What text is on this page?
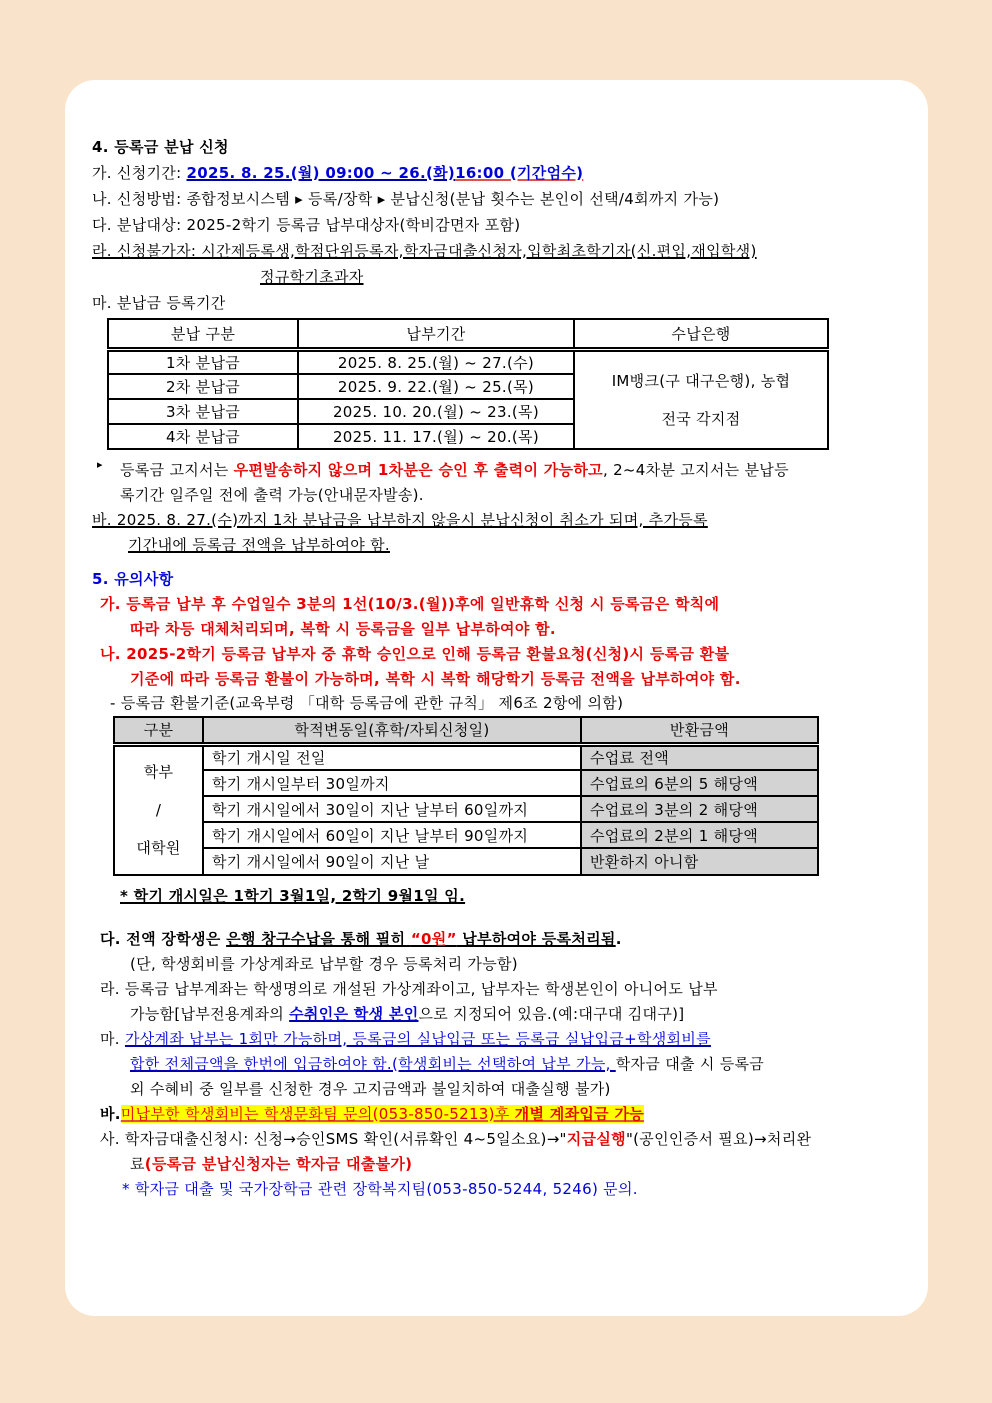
4. 등록금 분납 신청
가. 신청기간: 2025. 8. 25.(월) 09:00 ~ 26.(화)16:00 (기간엄수)
나. 신청방법: 종합정보시스템 ▸ 등록/장학 ▸ 분납신청(분납 횟수는 본인이 선택/4회까지 가능)
다. 분납대상: 2025-2학기 등록금 납부대상자(학비감면자 포함)
라. 신청불가자: 시간제등록생,학점단위등록자,학자금대출신청자,입학최초학기자(신.편입,재입학생)
정규학기초과자
마. 분납금 등록기간
분납 구분	납부기간	수납은행
1차 분납금	2025. 8. 25.(월) ~ 27.(수)	IM뱅크(구 대구은행), 농협
전국 각지점

2차 분납금	2025. 9. 22.(월) ~ 25.(목)	
3차 분납금	2025. 10. 20.(월) ~ 23.(목)	
4차 분납금	2025. 11. 17.(월) ~ 20.(목)	
▸ 등록금 고지서는 우편발송하지 않으며 1차분은 승인 후 출력이 가능하고, 2~4차분 고지서는 분납등
록기간 일주일 전에 출력 가능(안내문자발송).
바. 2025. 8. 27.(수)까지 1차 분납금을 납부하지 않을시 분납신청이 취소가 되며, 추가등록
기간내에 등록금 전액을 납부하여야 함.
5. 유의사항
가. 등록금 납부 후 수업일수 3분의 1선(10/3.(월))후에 일반휴학 신청 시 등록금은 학칙에
따라 차등 대체처리되며, 복학 시 등록금을 일부 납부하여야 함.
나. 2025-2학기 등록금 납부자 중 휴학 승인으로 인해 등록금 환불요청(신청)시 등록금 환불
기준에 따라 등록금 환불이 가능하며, 복학 시 복학 해당학기 등록금 전액을 납부하여야 함.
- 등록금 환불기준(교육부령 「대학 등록금에 관한 규칙」 제6조 2항에 의함)
구분	학적변동일(휴학/자퇴신청일)	반환금액

학부
/
대학원	학기 개시일 전일	수업료 전액
	학기 개시일부터 30일까지	수업료의 6분의 5 해당액
	학기 개시일에서 30일이 지난 날부터 60일까지	수업료의 3분의 2 해당액
	학기 개시일에서 60일이 지난 날부터 90일까지	수업료의 2분의 1 해당액
	학기 개시일에서 90일이 지난 날	반환하지 아니함
* 학기 개시일은 1학기 3월1일, 2학기 9월1일 임.
다. 전액 장학생은 은행 창구수납을 통해 필히 “0원” 납부하여야 등록처리됨.
(단, 학생회비를 가상계좌로 납부할 경우 등록처리 가능함)
라. 등록금 납부계좌는 학생명의로 개설된 가상계좌이고, 납부자는 학생본인이 아니어도 납부
가능함[납부전용계좌의 수취인은 학생 본인으로 지정되어 있음.(예:대구대 김대구)]
마. 가상계좌 납부는 1회만 가능하며, 등록금의 실납입금 또는 등록금 실납입금+학생회비를
합한 전체금액을 한번에 입금하여야 함.(학생회비는 선택하여 납부 가능, 학자금 대출 시 등록금
외 수혜비 중 일부를 신청한 경우 고지금액과 불일치하여 대출실행 불가)
바.미납부한 학생회비는 학생문화팀 문의(053-850-5213)후 개별 계좌입금 가능
사. 학자금대출신청시: 신청→승인SMS 확인(서류확인 4~5일소요)→"지급실행"(공인인증서 필요)→처리완
료(등록금 분납신청자는 학자금 대출불가)
* 학자금 대출 및 국가장학금 관련 장학복지팀(053-850-5244, 5246) 문의.
